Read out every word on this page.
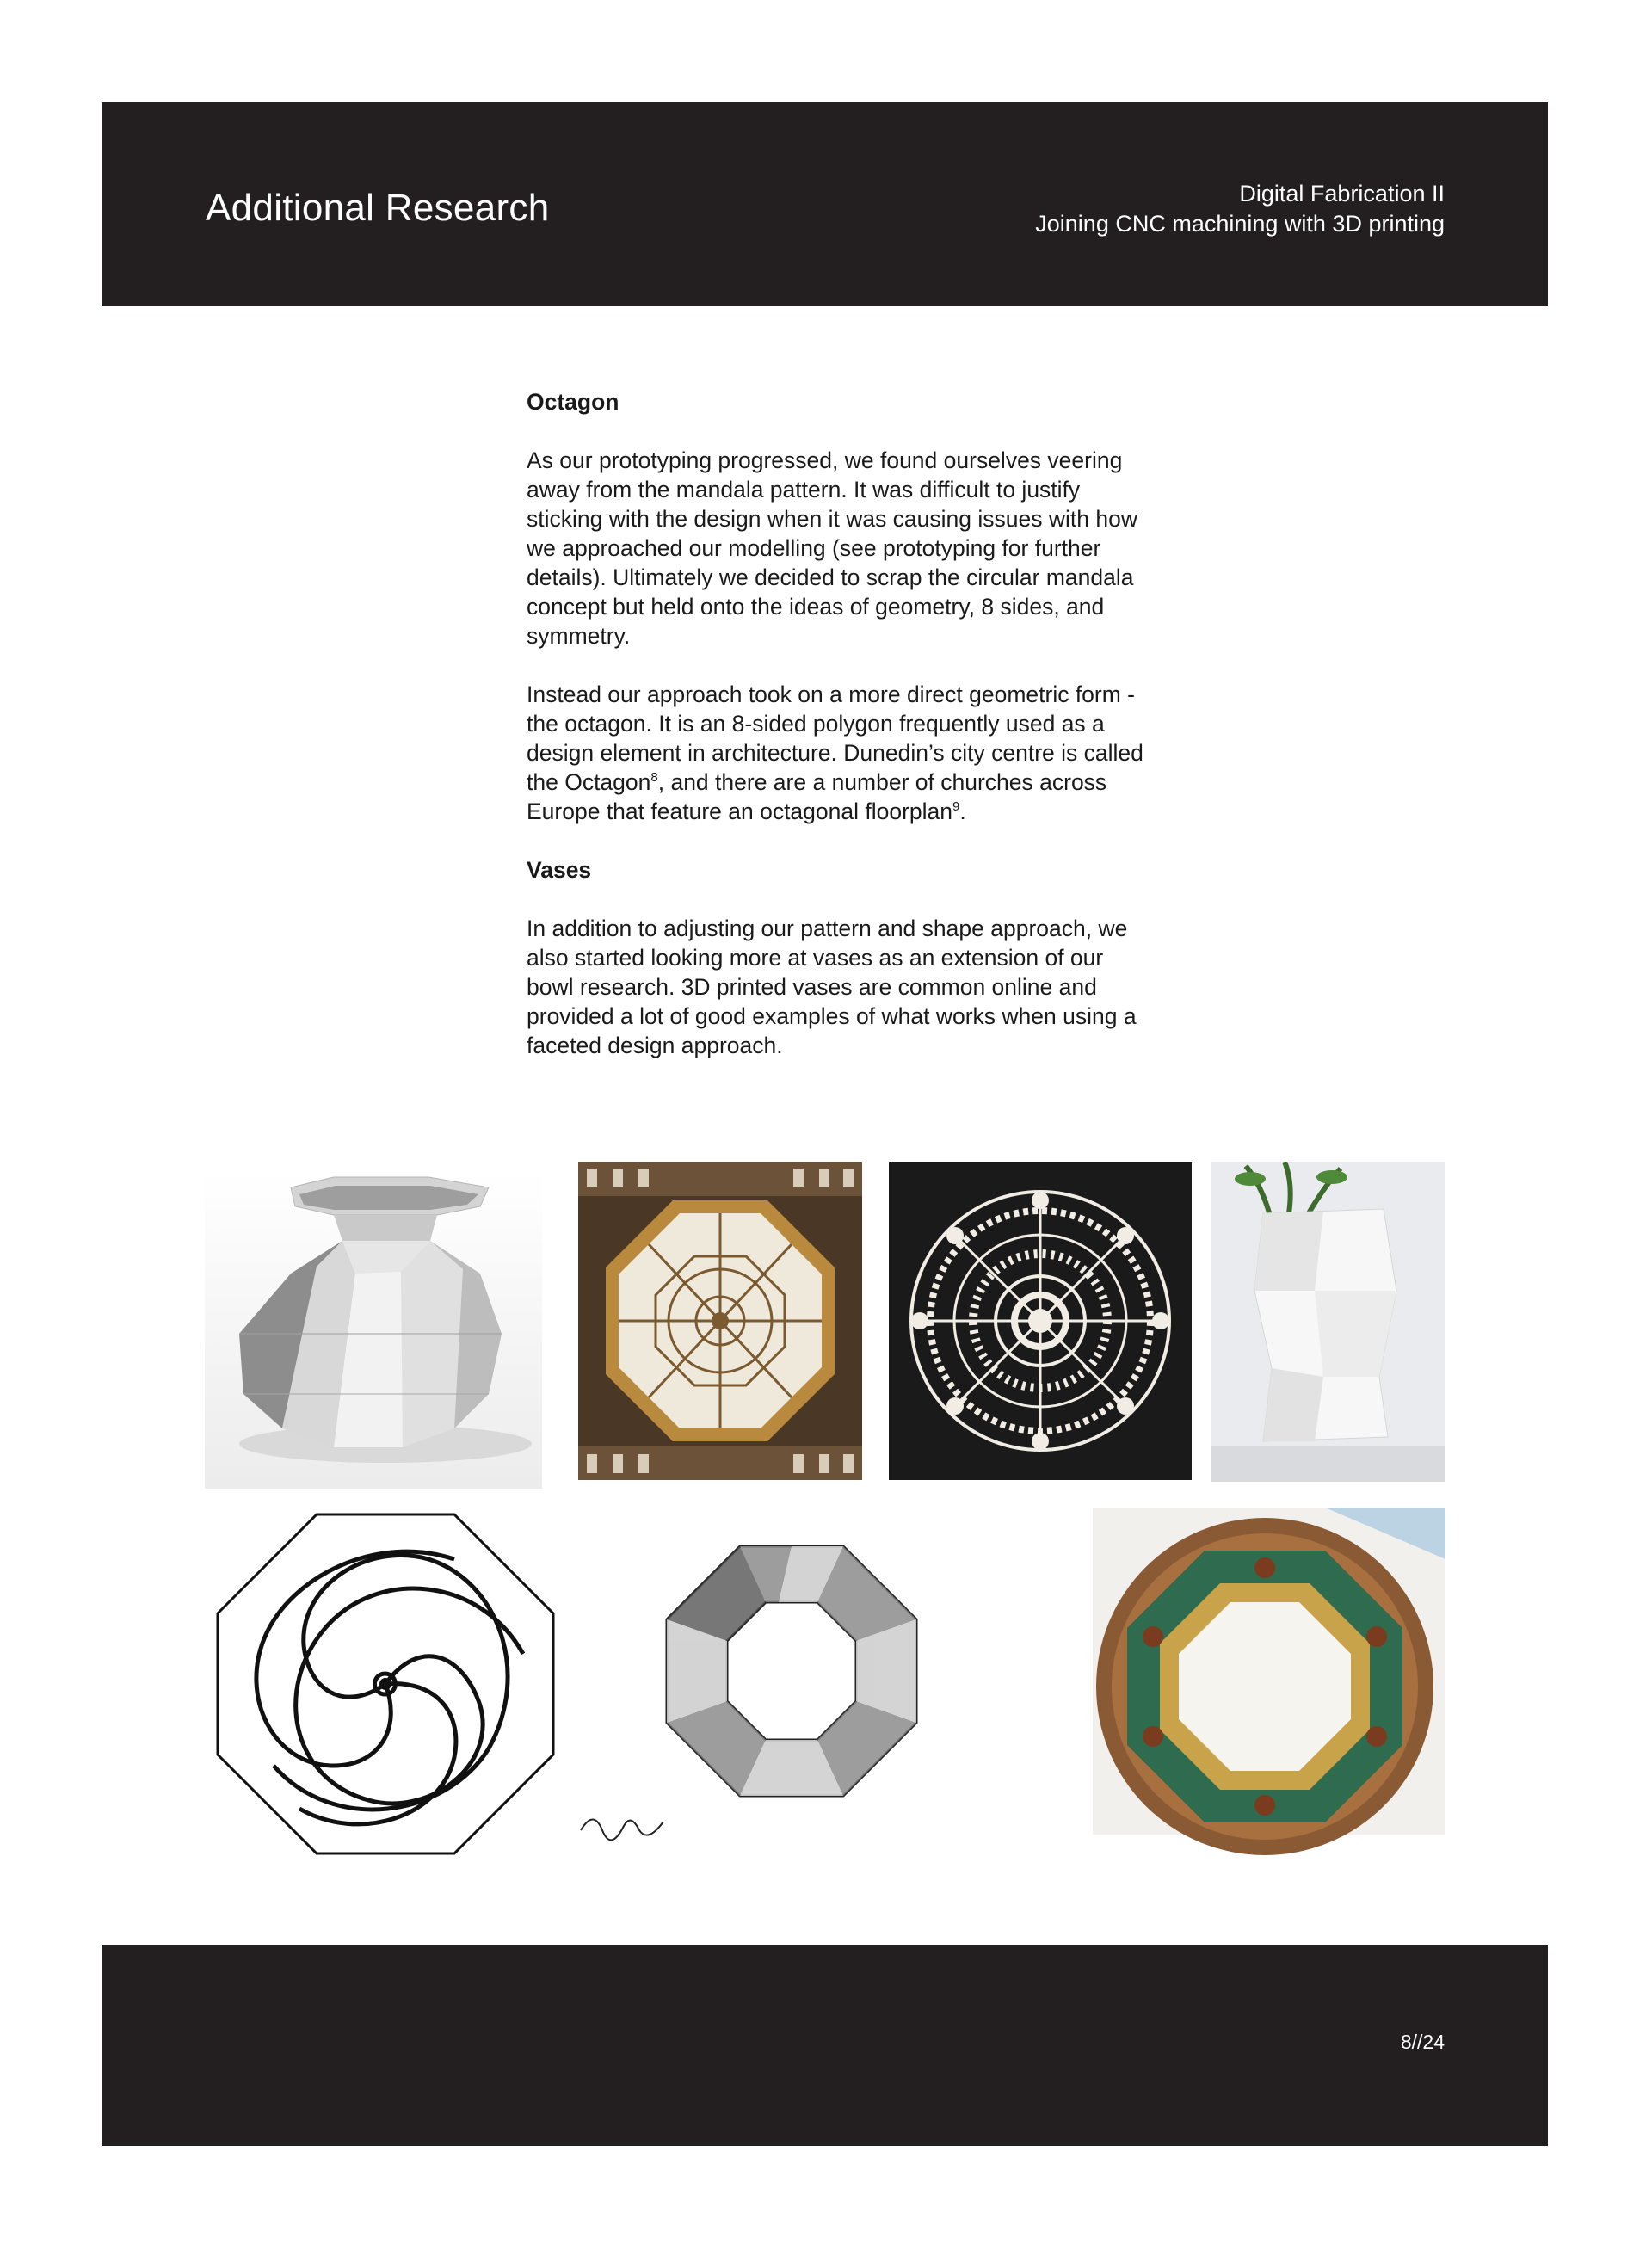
Additional Research	Digital Fabrication II
Joining CNC machining with 3D printing
Octagon
As our prototyping progressed, we found ourselves veering away from the mandala pattern. It was difficult to justify sticking with the design when it was causing issues with how we approached our modelling (see prototyping for further details). Ultimately we decided to scrap the circular mandala concept but held onto the ideas of geometry, 8 sides, and symmetry.
Instead our approach took on a more direct geometric form - the octagon. It is an 8-sided polygon frequently used as a design element in architecture. Dunedin’s city centre is called the Octagon$^8$, and there are a number of churches across Europe that feature an octagonal floorplan$^9$.
Vases
In addition to adjusting our pattern and shape approach, we also started looking more at vases as an extension of our bowl research. 3D printed vases are common online and provided a lot of good examples of what works when using a faceted design approach.
8//24
